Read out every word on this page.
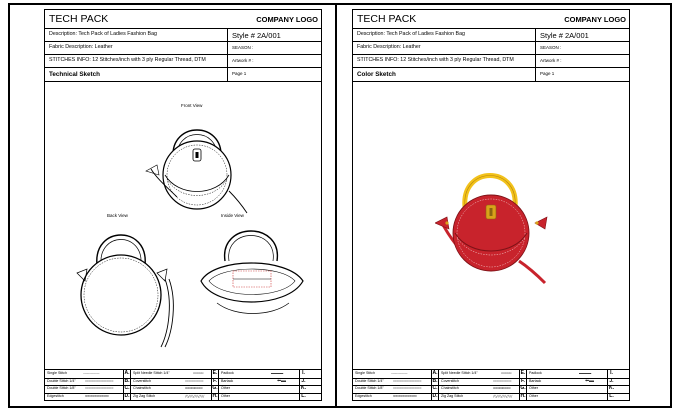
TECH PACK	COMPANY LOGO
Description: Tech Pack of Ladies Fashion Bag	Style # 2A/001
Fabric Description: Leather	SEASON :
STITCHES INFO: 12 Stitches/inch with 3 ply Regular Thread, DTM	Artwork # :
Technical Sketch	Page 1
Front View
Back View	Inside View
Single Stitch	-------------------	A. Split Needle Stitch 1/4"	∞∞∞∞∞	E.	Padlock	▬▬▬▬	I.
Double Stitch 1/4"	=================	B. Coverstitch	===========	F.	Bartack	⬅▬	J.
Double Stitch 1/8"	=================	C. Chainstitch	ooooooooooo G. Other	K.
Edgestitch	xxxxxxxxxxxxxxxxx	D. Zig Zag Stitch	⋀⋁⋀⋁⋀⋁⋀⋁	H. Other	L.
TECH PACK	COMPANY LOGO
Description: Tech Pack of Ladies Fashion Bag	Style # 2A/001
Fabric Description: Leather	SEASON :
STITCHES INFO: 12 Stitches/inch with 3 ply Regular Thread, DTM	Artwork # :
Color Sketch	Page 1
Single Stitch	-------------------	A. Split Needle Stitch 1/4"	∞∞∞∞∞	E.	Padlock	▬▬▬▬	I.
Double Stitch 1/4"	=================	B. Coverstitch	===========	F.	Bartack	⬅▬	J.
Double Stitch 1/8"	=================	C. Chainstitch	ooooooooooo G. Other	K.
Edgestitch	xxxxxxxxxxxxxxxxx	D. Zig Zag Stitch	⋀⋁⋀⋁⋀⋁⋀⋁	H. Other	L.
